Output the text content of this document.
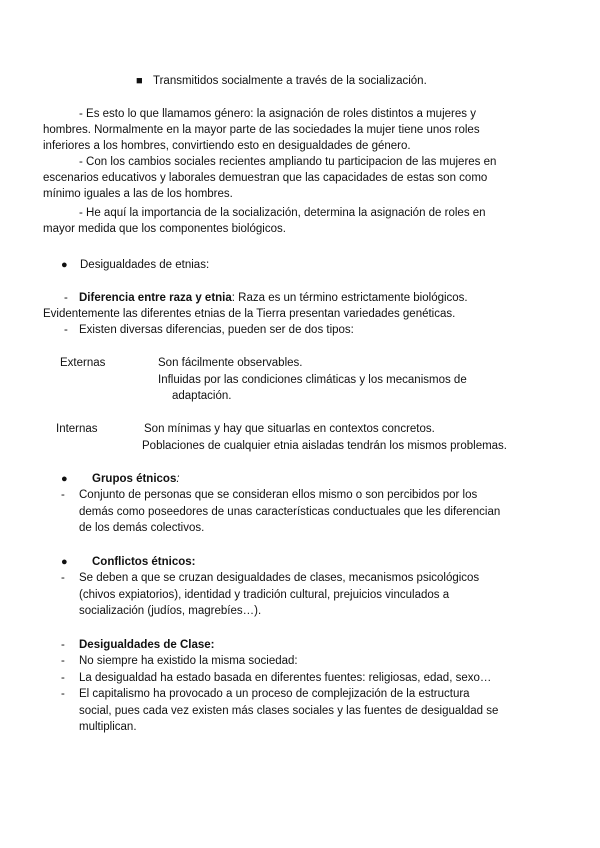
■ Transmitidos socialmente a través de la socialización.
- Es esto lo que llamamos género: la asignación de roles distintos a mujeres y
hombres. Normalmente en la mayor parte de las sociedades la mujer tiene unos roles
inferiores a los hombres, convirtiendo esto en desigualdades de género.
- Con los cambios sociales recientes ampliando tu participacion de las mujeres en
escenarios educativos y laborales demuestran que las capacidades de estas son como
mínimo iguales a las de los hombres.
- He aquí la importancia de la socialización, determina la asignación de roles en
mayor medida que los componentes biológicos.
● Desigualdades de etnias:
- Diferencia entre raza y etnia: Raza es un término estrictamente biológicos.
Evidentemente las diferentes etnias de la Tierra presentan variedades genéticas.
- Existen diversas diferencias, pueden ser de dos tipos:
Externas	Son fácilmente observables.
Influidas por las condiciones climáticas y los mecanismos de
adaptación.
Internas	Son mínimas y hay que situarlas en contextos concretos.
Poblaciones de cualquier etnia aisladas tendrán los mismos problemas.
● Grupos étnicos:
- Conjunto de personas que se consideran ellos mismo o son percibidos por los
demás como poseedores de unas características conductuales que les diferencian
de los demás colectivos.
● Conflictos étnicos:
- Se deben a que se cruzan desigualdades de clases, mecanismos psicológicos
(chivos expiatorios), identidad y tradición cultural, prejuicios vinculados a
socialización (judíos, magrebíes…).
- Desigualdades de Clase:
- No siempre ha existido la misma sociedad:
- La desigualdad ha estado basada en diferentes fuentes: religiosas, edad, sexo…
- El capitalismo ha provocado a un proceso de complejización de la estructura
social, pues cada vez existen más clases sociales y las fuentes de desigualdad se
multiplican.
